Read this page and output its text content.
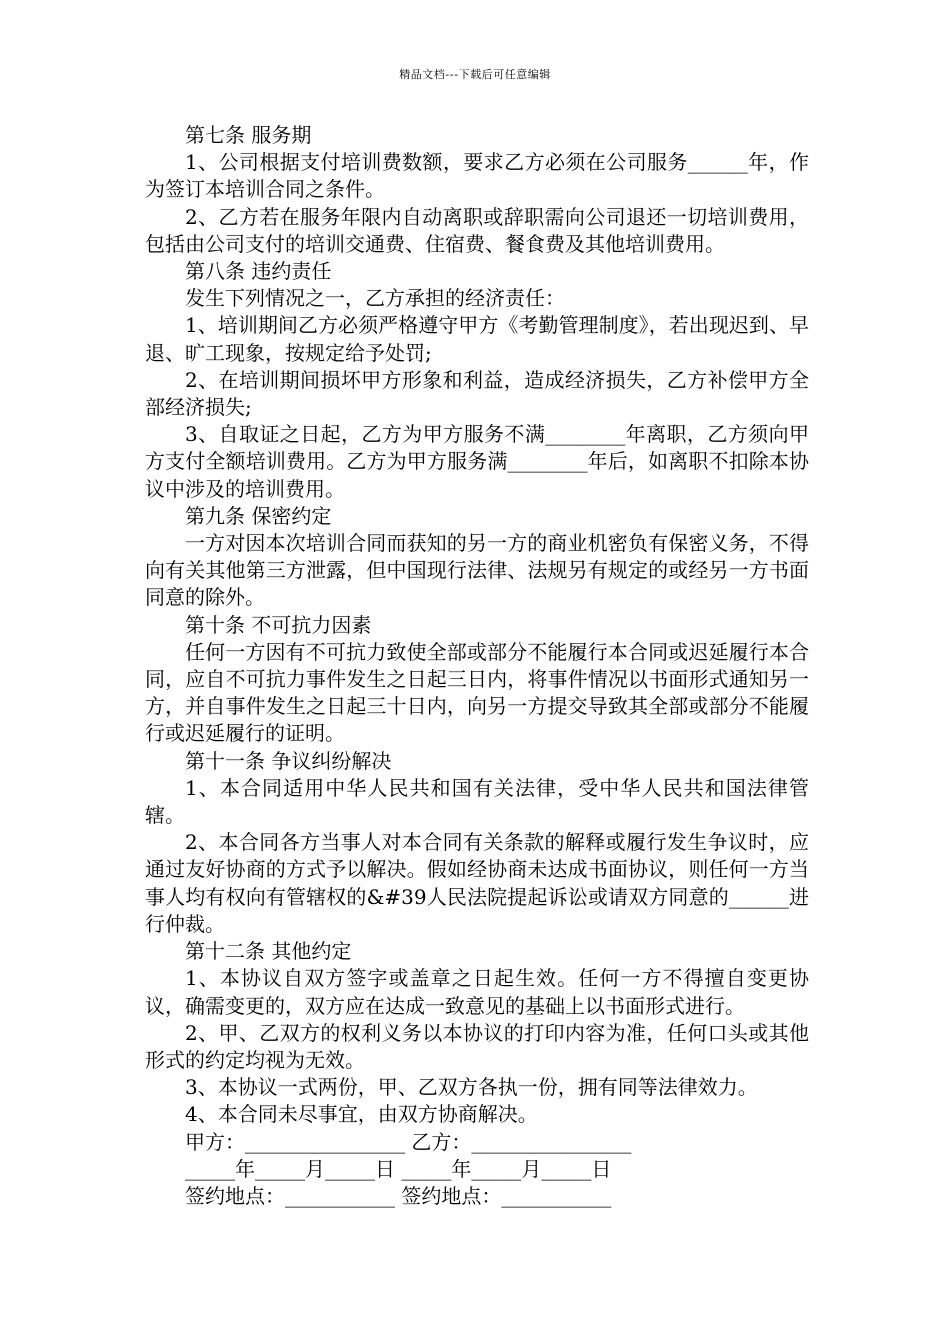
精品文档---下载后可任意编辑

第七条 服务期

1、公司根据支付培训费数额，要求乙方必须在公司服务______年，作为签订本培训合同之条件。

2、乙方若在服务年限内自动离职或辞职需向公司退还一切培训费用，包括由公司支付的培训交通费、住宿费、餐食费及其他培训费用。

第八条 违约责任

发生下列情况之一，乙方承担的经济责任：

1、培训期间乙方必须严格遵守甲方《考勤管理制度》，若出现迟到、早退、旷工现象，按规定给予处罚;

2、在培训期间损坏甲方形象和利益，造成经济损失，乙方补偿甲方全部经济损失;

3、自取证之日起，乙方为甲方服务不满________年离职，乙方须向甲方支付全额培训费用。乙方为甲方服务满________年后，如离职不扣除本协议中涉及的培训费用。

第九条 保密约定

一方对因本次培训合同而获知的另一方的商业机密负有保密义务，不得向有关其他第三方泄露，但中国现行法律、法规另有规定的或经另一方书面同意的除外。

第十条 不可抗力因素

任何一方因有不可抗力致使全部或部分不能履行本合同或迟延履行本合同，应自不可抗力事件发生之日起三日内，将事件情况以书面形式通知另一方，并自事件发生之日起三十日内，向另一方提交导致其全部或部分不能履行或迟延履行的证明。

第十一条 争议纠纷解决

1、本合同适用中华人民共和国有关法律，受中华人民共和国法律管辖。

2、本合同各方当事人对本合同有关条款的解释或履行发生争议时，应通过友好协商的方式予以解决。假如经协商未达成书面协议，则任何一方当事人均有权向有管辖权的&#39人民法院提起诉讼或请双方同意的______进行仲裁。

第十二条 其他约定

1、本协议自双方签字或盖章之日起生效。任何一方不得擅自变更协议，确需变更的，双方应在达成一致意见的基础上以书面形式进行。

2、甲、乙双方的权利义务以本协议的打印内容为准，任何口头或其他形式的约定均视为无效。

3、本协议一式两份，甲、乙双方各执一份，拥有同等法律效力。

4、本合同未尽事宜，由双方协商解决。

甲方：________________ 乙方：________________

_____年_____月_____日 _____年_____月_____日

签约地点：___________ 签约地点：___________
